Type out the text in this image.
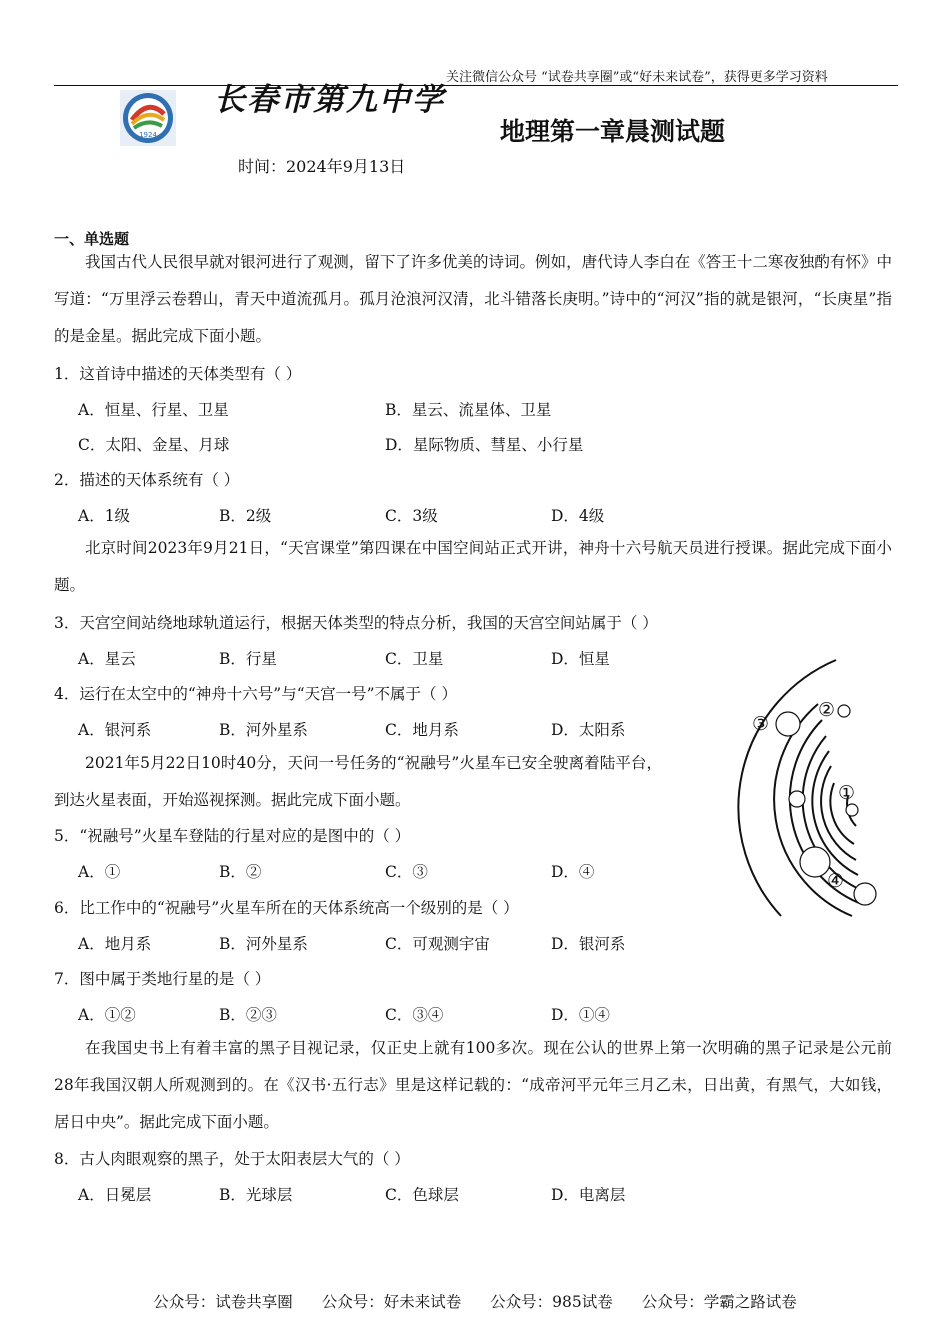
关注微信公众号 “试卷共享圈”或“好未来试卷”，获得更多学习资料
1924
长春市第九中学
地理第一章晨测试题
时间：2024年9月13日
一、单选题
我国古代人民很早就对银河进行了观测，留下了许多优美的诗词。例如，唐代诗人李白在《答王十二寒夜独酌有怀》中写道：“万里浮云卷碧山，青天中道流孤月。孤月沧浪河汉清，北斗错落长庚明。”诗中的“河汉”指的就是银河，“长庚星”指的是金星。据此完成下面小题。
1．这首诗中描述的天体类型有（ ）
A．恒星、行星、卫星	B．星云、流星体、卫星
C．太阳、金星、月球	D．星际物质、彗星、小行星
2．描述的天体系统有（ ）
A．1级	B．2级	C．3级	D．4级
北京时间2023年9月21日，“天宫课堂”第四课在中国空间站正式开讲，神舟十六号航天员进行授课。据此完成下面小题。
3．天宫空间站绕地球轨道运行，根据天体类型的特点分析，我国的天宫空间站属于（ ）
A．星云	B．行星	C．卫星	D．恒星
4．运行在太空中的“神舟十六号”与“天宫一号”不属于（ ）
A．银河系	B．河外星系	C．地月系	D．太阳系
2021年5月22日10时40分，天问一号任务的“祝融号”火星车已安全驶离着陆平台，到达火星表面，开始巡视探测。据此完成下面小题。
5．“祝融号”火星车登陆的行星对应的是图中的（ ）
A．①	B．②	C．③	D．④
6．比工作中的“祝融号”火星车所在的天体系统高一个级别的是（ ）
A．地月系	B．河外星系	C．可观测宇宙	D．银河系
7．图中属于类地行星的是（ ）
A．①②	B．②③	C．③④	D．①④
在我国史书上有着丰富的黑子目视记录，仅正史上就有100多次。现在公认的世界上第一次明确的黑子记录是公元前28年我国汉朝人所观测到的。在《汉书·五行志》里是这样记载的：“成帝河平元年三月乙未，日出黄，有黑气，大如钱，居日中央”。据此完成下面小题。
8．古人肉眼观察的黑子，处于太阳表层大气的（ ）
A．日冕层	B．光球层	C．色球层	D．电离层
③
②
①
④
公众号：试卷共享圈 公众号：好未来试卷 公众号：985试卷 公众号：学霸之路试卷
